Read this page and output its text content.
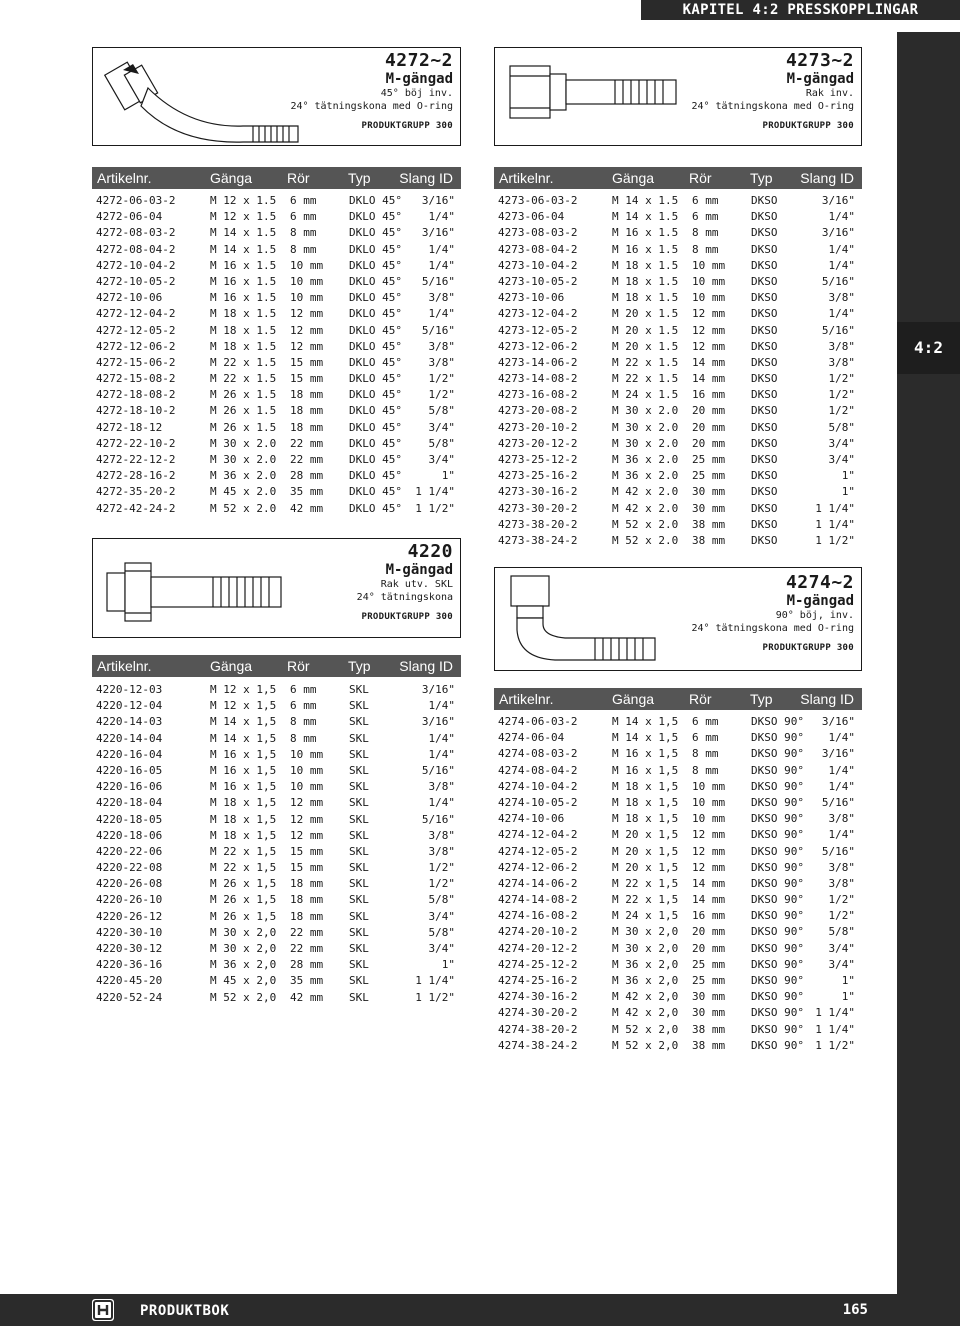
KAPITEL 4:2 PRESSKOPPLINGAR
4:2
PRODUKTBOK	165
4272~2
M-gängad
45° böj inv.
24° tätningskona med O-ring
PRODUKTGRUPP 300
Artikelnr.	Gänga Rör	Typ Slang ID
4272-06-03-2	M 12 x 1.5 6 mm	DKLO 45° 3/16"
4272-06-04	M 12 x 1.5 6 mm	DKLO 45° 1/4"
4272-08-03-2	M 14 x 1.5 8 mm	DKLO 45° 3/16"
4272-08-04-2	M 14 x 1.5 8 mm	DKLO 45° 1/4"
4272-10-04-2	M 16 x 1.5 10 mm DKLO 45° 1/4"
4272-10-05-2	M 16 x 1.5 10 mm DKLO 45° 5/16"
4272-10-06	M 16 x 1.5 10 mm DKLO 45° 3/8"
4272-12-04-2	M 18 x 1.5 12 mm DKLO 45° 1/4"
4272-12-05-2	M 18 x 1.5 12 mm DKLO 45° 5/16"
4272-12-06-2	M 18 x 1.5 12 mm DKLO 45° 3/8"
4272-15-06-2	M 22 x 1.5 15 mm DKLO 45° 3/8"
4272-15-08-2	M 22 x 1.5 15 mm DKLO 45° 1/2"
4272-18-08-2	M 26 x 1.5 18 mm DKLO 45° 1/2"
4272-18-10-2	M 26 x 1.5 18 mm DKLO 45° 5/8"
4272-18-12	M 26 x 1.5 18 mm DKLO 45° 3/4"
4272-22-10-2	M 30 x 2.0 22 mm DKLO 45° 5/8"
4272-22-12-2	M 30 x 2.0 22 mm DKLO 45° 3/4"
4272-28-16-2	M 36 x 2.0 28 mm DKLO 45°	1"
4272-35-20-2	M 45 x 2.0 35 mm DKLO 45° 1 1/4"
4272-42-24-2	M 52 x 2.0 42 mm DKLO 45° 1 1/2"
4273~2
M-gängad
Rak inv.
24° tätningskona med O-ring
PRODUKTGRUPP 300
Artikelnr.	Gänga Rör	Typ Slang ID
4273-06-03-2	M 14 x 1.5 6 mm	DKSO	3/16"
4273-06-04	M 14 x 1.5 6 mm	DKSO	1/4"
4273-08-03-2	M 16 x 1.5 8 mm	DKSO	3/16"
4273-08-04-2	M 16 x 1.5 8 mm	DKSO	1/4"
4273-10-04-2	M 18 x 1.5 10 mm DKSO	1/4"
4273-10-05-2	M 18 x 1.5 10 mm DKSO	5/16"
4273-10-06	M 18 x 1.5 10 mm DKSO	3/8"
4273-12-04-2	M 20 x 1.5 12 mm DKSO	1/4"
4273-12-05-2	M 20 x 1.5 12 mm DKSO	5/16"
4273-12-06-2	M 20 x 1.5 12 mm DKSO	3/8"
4273-14-06-2	M 22 x 1.5 14 mm DKSO	3/8"
4273-14-08-2	M 22 x 1.5 14 mm DKSO	1/2"
4273-16-08-2	M 24 x 1.5 16 mm DKSO	1/2"
4273-20-08-2	M 30 x 2.0 20 mm DKSO	1/2"
4273-20-10-2	M 30 x 2.0 20 mm DKSO	5/8"
4273-20-12-2	M 30 x 2.0 20 mm DKSO	3/4"
4273-25-12-2	M 36 x 2.0 25 mm DKSO	3/4"
4273-25-16-2	M 36 x 2.0 25 mm DKSO	1"
4273-30-16-2	M 42 x 2.0 30 mm DKSO	1"
4273-30-20-2	M 42 x 2.0 30 mm DKSO	1 1/4"
4273-38-20-2	M 52 x 2.0 38 mm DKSO	1 1/4"
4273-38-24-2	M 52 x 2.0 38 mm DKSO	1 1/2"
4220
M-gängad
Rak utv. SKL
24° tätningskona
PRODUKTGRUPP 300
Artikelnr.	Gänga Rör	Typ Slang ID
4220-12-03	M 12 x 1,5 6 mm	SKL	3/16"
4220-12-04	M 12 x 1,5 6 mm	SKL	1/4"
4220-14-03	M 14 x 1,5 8 mm	SKL	3/16"
4220-14-04	M 14 x 1,5 8 mm	SKL	1/4"
4220-16-04	M 16 x 1,5 10 mm SKL	1/4"
4220-16-05	M 16 x 1,5 10 mm SKL	5/16"
4220-16-06	M 16 x 1,5 10 mm SKL	3/8"
4220-18-04	M 18 x 1,5 12 mm SKL	1/4"
4220-18-05	M 18 x 1,5 12 mm SKL	5/16"
4220-18-06	M 18 x 1,5 12 mm SKL	3/8"
4220-22-06	M 22 x 1,5 15 mm SKL	3/8"
4220-22-08	M 22 x 1,5 15 mm SKL	1/2"
4220-26-08	M 26 x 1,5 18 mm SKL	1/2"
4220-26-10	M 26 x 1,5 18 mm SKL	5/8"
4220-26-12	M 26 x 1,5 18 mm SKL	3/4"
4220-30-10	M 30 x 2,0 22 mm SKL	5/8"
4220-30-12	M 30 x 2,0 22 mm SKL	3/4"
4220-36-16	M 36 x 2,0 28 mm SKL	1"
4220-45-20	M 45 x 2,0 35 mm SKL	1 1/4"
4220-52-24	M 52 x 2,0 42 mm SKL	1 1/2"
4274~2
M-gängad
90° böj, inv.
24° tätningskona med O-ring
PRODUKTGRUPP 300
Artikelnr.	Gänga Rör	Typ Slang ID
4274-06-03-2	M 14 x 1,5 6 mm	DKSO 90° 3/16"
4274-06-04	M 14 x 1,5 6 mm	DKSO 90° 1/4"
4274-08-03-2	M 16 x 1,5 8 mm	DKSO 90° 3/16"
4274-08-04-2	M 16 x 1,5 8 mm	DKSO 90° 1/4"
4274-10-04-2	M 18 x 1,5 10 mm DKSO 90° 1/4"
4274-10-05-2	M 18 x 1,5 10 mm DKSO 90° 5/16"
4274-10-06	M 18 x 1,5 10 mm DKSO 90° 3/8"
4274-12-04-2	M 20 x 1,5 12 mm DKSO 90° 1/4"
4274-12-05-2	M 20 x 1,5 12 mm DKSO 90° 5/16"
4274-12-06-2	M 20 x 1,5 12 mm DKSO 90° 3/8"
4274-14-06-2	M 22 x 1,5 14 mm DKSO 90° 3/8"
4274-14-08-2	M 22 x 1,5 14 mm DKSO 90° 1/2"
4274-16-08-2	M 24 x 1,5 16 mm DKSO 90° 1/2"
4274-20-10-2	M 30 x 2,0 20 mm DKSO 90° 5/8"
4274-20-12-2	M 30 x 2,0 20 mm DKSO 90° 3/4"
4274-25-12-2	M 36 x 2,0 25 mm DKSO 90° 3/4"
4274-25-16-2	M 36 x 2,0 25 mm DKSO 90°	1"
4274-30-16-2	M 42 x 2,0 30 mm DKSO 90°	1"
4274-30-20-2	M 42 x 2,0 30 mm DKSO 90° 1 1/4"
4274-38-20-2	M 52 x 2,0 38 mm DKSO 90° 1 1/4"
4274-38-24-2	M 52 x 2,0 38 mm DKSO 90° 1 1/2"
